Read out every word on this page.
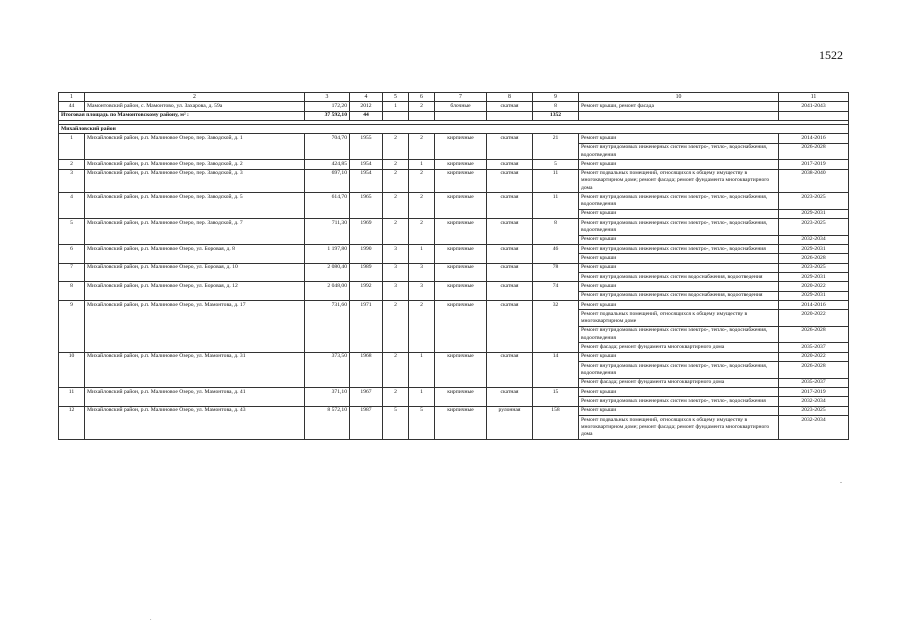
1522
1	2	3	4	5	6	7	8	9	10	11
44	Мамонтовский район, с. Мамонтово, ул. Захарова, д. 59а	172,20	2012	1	2	блочные	скатная	8	Ремонт крыши, ремонт фасада	2041-2043
Итоговая площадь по Мамонтовскому району, м² :		37 592,10	44					1352		

Михайловский район										
1	Михайловский район, р.п. Малиновое Озеро, пер. Заводской, д. 1	704,70	1955	2	2	кирпичные	скатная	21	Ремонт крыши	2014-2016
									Ремонт внутридомовых инженерных систем электро-, тепло-, водоснабжения, водоотведения	2026-2028
2	Михайловский район, р.п. Малиновое Озеро, пер. Заводской, д. 2	424,85	1954	2	1	кирпичные	скатная	5	Ремонт крыши	2017-2019
3	Михайловский район, р.п. Малиновое Озеро, пер. Заводской, д. 3	697,10	1954	2	2	кирпичные	скатная	11	Ремонт подвальных помещений, относящихся к общему имуществу в многоквартирном доме; ремонт фасада; ремонт фундамента многоквартирного дома	2038-2040
4	Михайловский район, р.п. Малиновое Озеро, пер. Заводской, д. 5	614,70	1965	2	2	кирпичные	скатная	11	Ремонт внутридомовых инженерных систем электро-, тепло-, водоснабжения, водоотведения	2023-2025
									Ремонт крыши	2029-2031
5	Михайловский район, р.п. Малиновое Озеро, пер. Заводской, д. 7	711,30	1969	2	2	кирпичные	скатная	8	Ремонт внутридомовых инженерных систем электро-, тепло-, водоснабжения, водоотведения	2023-2025
									Ремонт крыши	2032-2034
6	Михайловский район, р.п. Малиновое Озеро, ул. Боровая, д. 8	1 197,80	1990	3	1	кирпичные	скатная	46	Ремонт внутридомовых инженерных систем электро-, тепло-, водоснабжения	2029-2031
									Ремонт крыши	2026-2028
7	Михайловский район, р.п. Малиновое Озеро, ул. Боровая, д. 10	2 080,40	1989	3	3	кирпичные	скатная	78	Ремонт крыши	2023-2025
									Ремонт внутридомовых инженерных систем водоснабжения, водоотведения	2029-2031
8	Михайловский район, р.п. Малиновое Озеро, ул. Боровая, д. 12	2 048,00	1992	3	3	кирпичные	скатная	74	Ремонт крыши	2020-2022
									Ремонт внутридомовых инженерных систем водоснабжения, водоотведения	2029-2031
9	Михайловский район, р.п. Малиновое Озеро, ул. Мамонтова, д. 17	731,60	1971	2	2	кирпичные	скатная	32	Ремонт крыши	2014-2016
									Ремонт подвальных помещений, относящихся к общему имуществу в многоквартирном доме	2020-2022
									Ремонт внутридомовых инженерных систем электро-, тепло-, водоснабжения, водоотведения	2026-2028
									Ремонт фасада; ремонт фундамента многоквартирного дома	2035-2037
10	Михайловский район, р.п. Малиновое Озеро, ул. Мамонтова, д. 31	373,50	1968	2	1	кирпичные	скатная	14	Ремонт крыши	2020-2022
									Ремонт внутридомовых инженерных систем электро-, тепло-, водоснабжения, водоотведения	2026-2028
									Ремонт фасада; ремонт фундамента многоквартирного дома	2035-2037
11	Михайловский район, р.п. Малиновое Озеро, ул. Мамонтова, д. 41	371,10	1967	2	1	кирпичные	скатная	15	Ремонт крыши	2017-2019
									Ремонт внутридомовых инженерных систем электро-, тепло-, водоснабжения	2032-2034
12	Михайловский район, р.п. Малиновое Озеро, ул. Мамонтова, д. 43	8 572,10	1987	5	5	кирпичные	рулонная	158	Ремонт крыши	2023-2025
									Ремонт подвальных помещений, относящихся к общему имуществу в многоквартирном доме; ремонт фасада; ремонт фундамента многоквартирного дома	2032-2034
-
.
